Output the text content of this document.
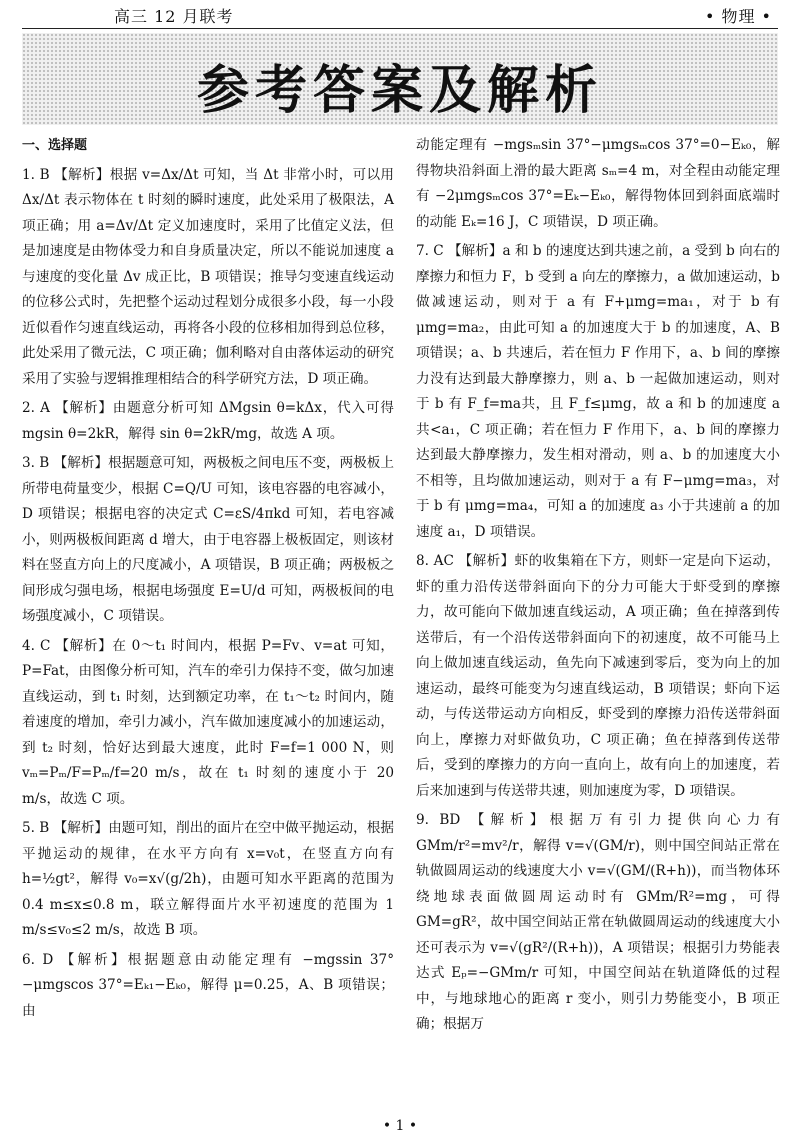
高三 12 月联考	• 物理 •
参考答案及解析

一、选择题

1. B 【解析】根据 v=Δx/Δt 可知，当 Δt 非常小时，可以用 Δx/Δt 表示物体在 t 时刻的瞬时速度，此处采用了极限法，A 项正确；用 a=Δv/Δt 定义加速度时，采用了比值定义法，但是加速度是由物体受力和自身质量决定，所以不能说加速度 a 与速度的变化量 Δv 成正比，B 项错误；推导匀变速直线运动的位移公式时，先把整个运动过程划分成很多小段，每一小段近似看作匀速直线运动，再将各小段的位移相加得到总位移，此处采用了微元法，C 项正确；伽利略对自由落体运动的研究采用了实验与逻辑推理相结合的科学研究方法，D 项正确。

2. A 【解析】由题意分析可知 ΔMgsin θ=kΔx，代入可得 mgsin θ=2kR，解得 sin θ=2kR/mg，故选 A 项。

3. B 【解析】根据题意可知，两极板之间电压不变，两极板上所带电荷量变少，根据 C=Q/U 可知，该电容器的电容减小，D 项错误；根据电容的决定式 C=εS/4πkd 可知，若电容减小，则两极板间距离 d 增大，由于电容器上极板固定，则该材料在竖直方向上的尺度减小，A 项错误，B 项正确；两极板之间形成匀强电场，根据电场强度 E=U/d 可知，两极板间的电场强度减小，C 项错误。

4. C 【解析】在 0～t₁ 时间内，根据 P=Fv、v=at 可知，P=Fat，由图像分析可知，汽车的牵引力保持不变，做匀加速直线运动，到 t₁ 时刻，达到额定功率，在 t₁～t₂ 时间内，随着速度的增加，牵引力减小，汽车做加速度减小的加速运动，到 t₂ 时刻，恰好达到最大速度，此时 F=f=1 000 N，则 vₘ=Pₘ/F=Pₘ/f=20 m/s，故在 t₁ 时刻的速度小于 20 m/s，故选 C 项。

5. B 【解析】由题可知，削出的面片在空中做平抛运动，根据平抛运动的规律，在水平方向有 x=v₀t，在竖直方向有 h=½gt²，解得 v₀=x√(g/2h)，由题可知水平距离的范围为 0.4 m≤x≤0.8 m，联立解得面片水平初速度的范围为 1 m/s≤v₀≤2 m/s，故选 B 项。

6. D 【解析】根据题意由动能定理有 −mgssin 37°−μmgscos 37°=Eₖ₁−Eₖ₀，解得 μ=0.25，A、B 项错误；由

动能定理有 −mgsₘsin 37°−μmgsₘcos 37°=0−Eₖ₀，解得物块沿斜面上滑的最大距离 sₘ=4 m，对全程由动能定理有 −2μmgsₘcos 37°=Eₖ−Eₖ₀，解得物体回到斜面底端时的动能 Eₖ=16 J，C 项错误，D 项正确。

7. C 【解析】a 和 b 的速度达到共速之前，a 受到 b 向右的摩擦力和恒力 F，b 受到 a 向左的摩擦力，a 做加速运动，b 做减速运动，则对于 a 有 F+μmg=ma₁，对于 b 有 μmg=ma₂，由此可知 a 的加速度大于 b 的加速度，A、B 项错误；a、b 共速后，若在恒力 F 作用下，a、b 间的摩擦力没有达到最大静摩擦力，则 a、b 一起做加速运动，则对于 b 有 F_f=ma共，且 F_f≤μmg，故 a 和 b 的加速度 a共<a₁，C 项正确；若在恒力 F 作用下，a、b 间的摩擦力达到最大静摩擦力，发生相对滑动，则 a、b 的加速度大小不相等，且均做加速运动，则对于 a 有 F−μmg=ma₃，对于 b 有 μmg=ma₄，可知 a 的加速度 a₃ 小于共速前 a 的加速度 a₁，D 项错误。

8. AC 【解析】虾的收集箱在下方，则虾一定是向下运动，虾的重力沿传送带斜面向下的分力可能大于虾受到的摩擦力，故可能向下做加速直线运动，A 项正确；鱼在掉落到传送带后，有一个沿传送带斜面向下的初速度，故不可能马上向上做加速直线运动，鱼先向下减速到零后，变为向上的加速运动，最终可能变为匀速直线运动，B 项错误；虾向下运动，与传送带运动方向相反，虾受到的摩擦力沿传送带斜面向上，摩擦力对虾做负功，C 项正确；鱼在掉落到传送带后，受到的摩擦力的方向一直向上，故有向上的加速度，若后来加速到与传送带共速，则加速度为零，D 项错误。

9. BD 【解析】根据万有引力提供向心力有 GMm/r²=mv²/r，解得 v=√(GM/r)，则中国空间站正常在轨做圆周运动的线速度大小 v=√(GM/(R+h))，而当物体环绕地球表面做圆周运动时有 GMm/R²=mg，可得 GM=gR²，故中国空间站正常在轨做圆周运动的线速度大小还可表示为 v=√(gR²/(R+h))，A 项错误；根据引力势能表达式 Eₚ=−GMm/r 可知，中国空间站在轨道降低的过程中，与地球地心的距离 r 变小，则引力势能变小，B 项正确；根据万

• 1 •
